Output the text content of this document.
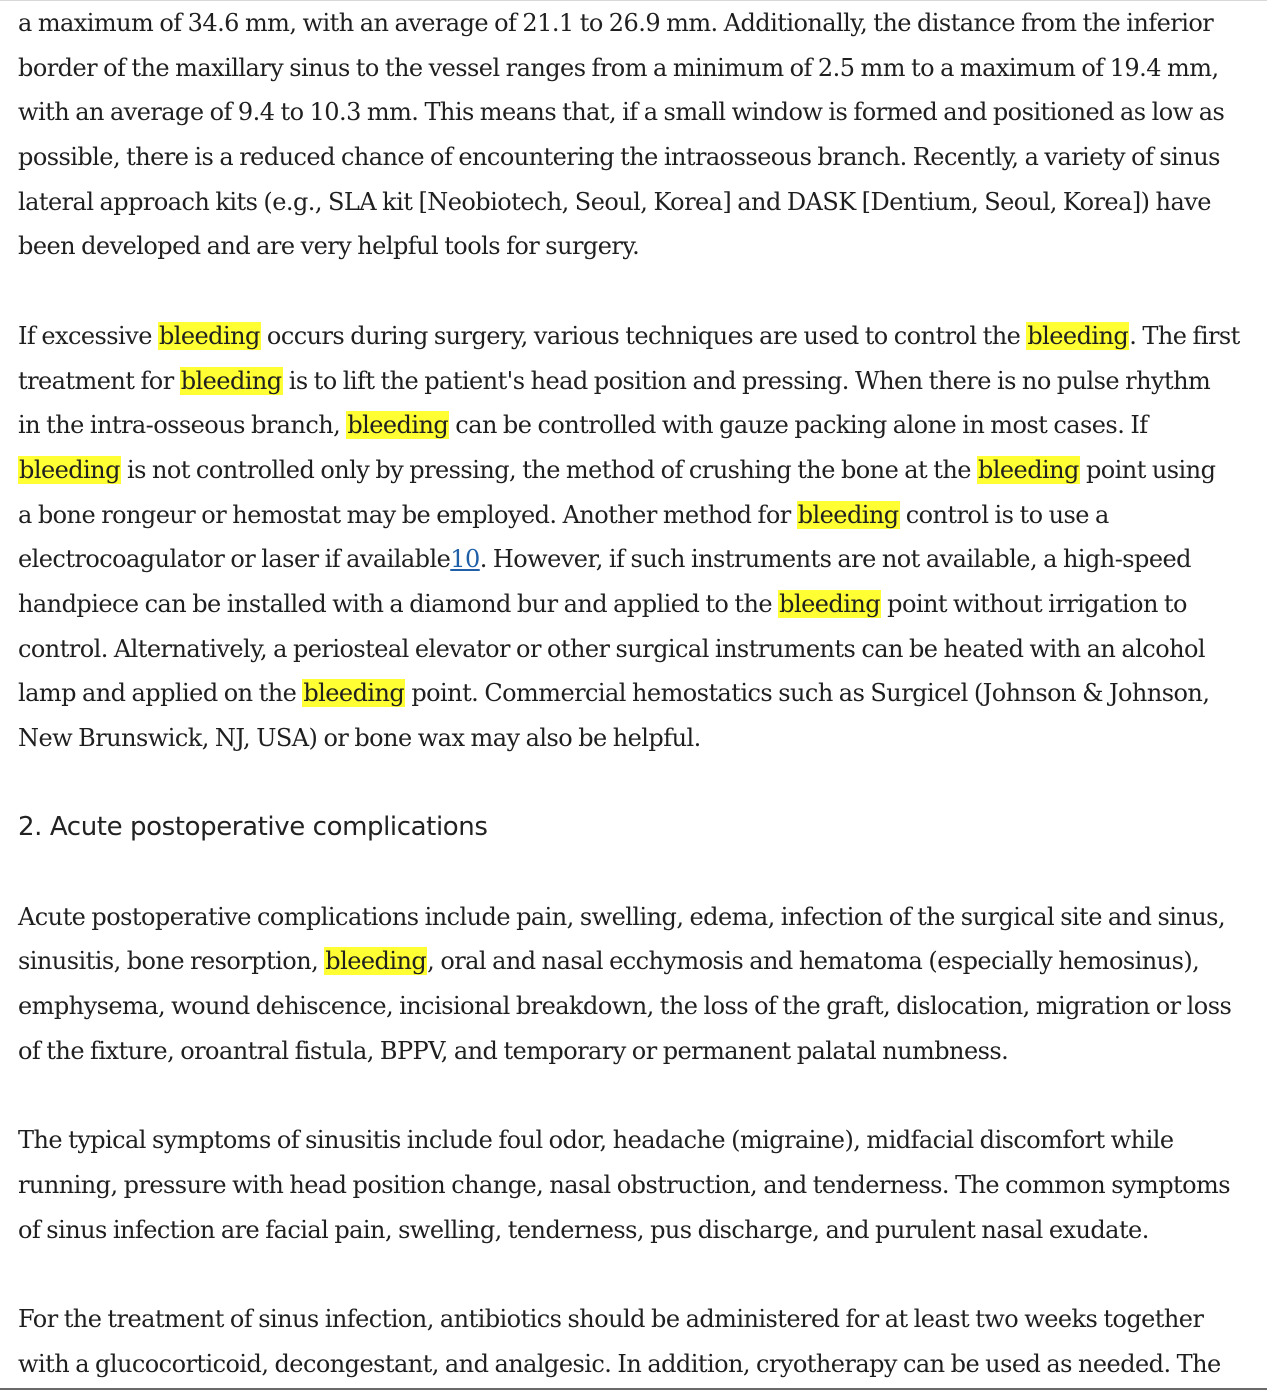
a maximum of 34.6 mm, with an average of 21.1 to 26.9 mm. Additionally, the distance from the inferior
border of the maxillary sinus to the vessel ranges from a minimum of 2.5 mm to a maximum of 19.4 mm,
with an average of 9.4 to 10.3 mm. This means that, if a small window is formed and positioned as low as
possible, there is a reduced chance of encountering the intraosseous branch. Recently, a variety of sinus
lateral approach kits (e.g., SLA kit [Neobiotech, Seoul, Korea] and DASK [Dentium, Seoul, Korea]) have
been developed and are very helpful tools for surgery.
If excessive bleeding occurs during surgery, various techniques are used to control the bleeding. The first
treatment for bleeding is to lift the patient's head position and pressing. When there is no pulse rhythm
in the intra-osseous branch, bleeding can be controlled with gauze packing alone in most cases. If
bleeding is not controlled only by pressing, the method of crushing the bone at the bleeding point using
a bone rongeur or hemostat may be employed. Another method for bleeding control is to use a
electrocoagulator or laser if available10. However, if such instruments are not available, a high-speed
handpiece can be installed with a diamond bur and applied to the bleeding point without irrigation to
control. Alternatively, a periosteal elevator or other surgical instruments can be heated with an alcohol
lamp and applied on the bleeding point. Commercial hemostatics such as Surgicel (Johnson & Johnson,
New Brunswick, NJ, USA) or bone wax may also be helpful.
2. Acute postoperative complications
Acute postoperative complications include pain, swelling, edema, infection of the surgical site and sinus,
sinusitis, bone resorption, bleeding, oral and nasal ecchymosis and hematoma (especially hemosinus),
emphysema, wound dehiscence, incisional breakdown, the loss of the graft, dislocation, migration or loss
of the fixture, oroantral fistula, BPPV, and temporary or permanent palatal numbness.
The typical symptoms of sinusitis include foul odor, headache (migraine), midfacial discomfort while
running, pressure with head position change, nasal obstruction, and tenderness. The common symptoms
of sinus infection are facial pain, swelling, tenderness, pus discharge, and purulent nasal exudate.
For the treatment of sinus infection, antibiotics should be administered for at least two weeks together
with a glucocorticoid, decongestant, and analgesic. In addition, cryotherapy can be used as needed. The
